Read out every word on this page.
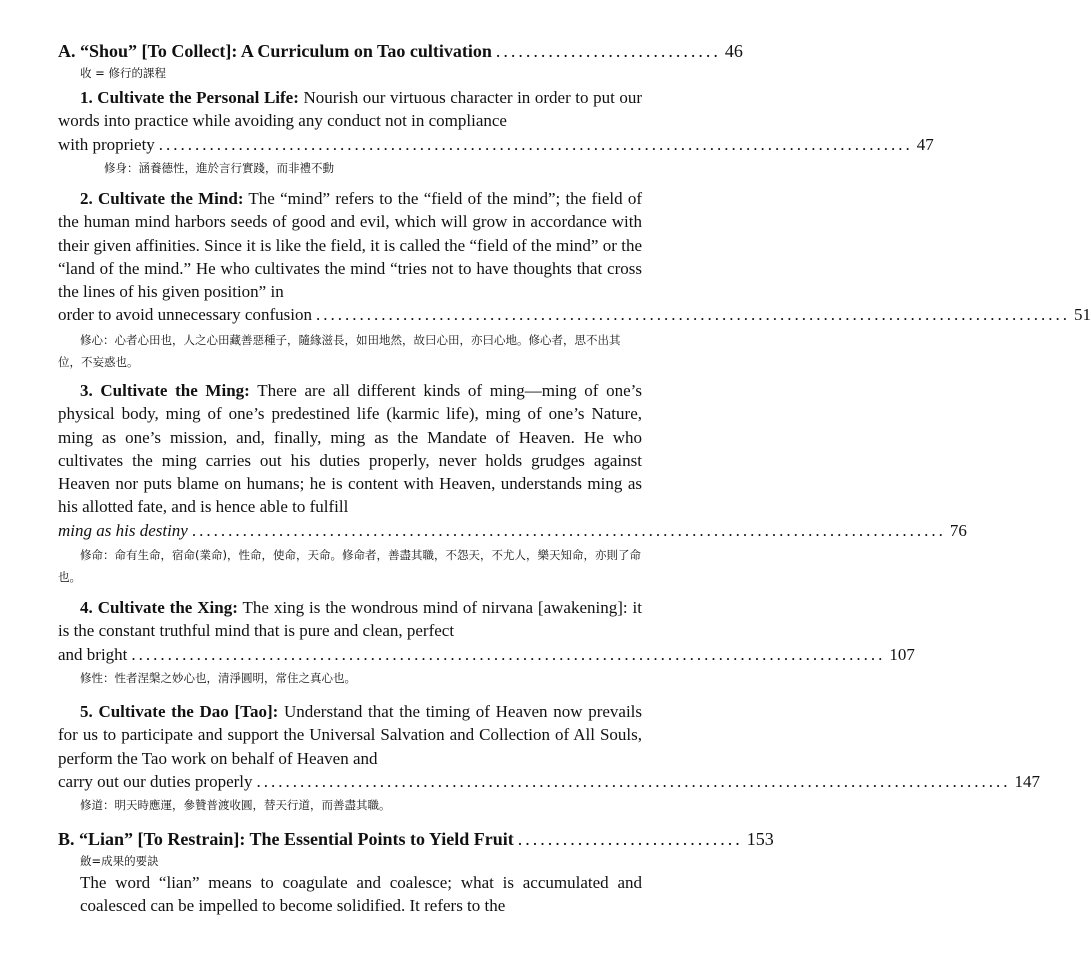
A. “Shou” [To Collect]: A Curriculum on Tao cultivation .............................. 46
收 = 修行的課程
1. Cultivate the Personal Life: Nourish our virtuous character in order to put our words into practice while avoiding any conduct not in compliance
with propriety ........................................................................................................ 47
修身：涵養德性，進於言行實踐，而非禮不動
2. Cultivate the Mind: The “mind” refers to the “field of the mind”; the field of the human mind harbors seeds of good and evil, which will grow in accordance with their given affinities. Since it is like the field, it is called the “field of the mind” or the “land of the mind.” He who cultivates the mind “tries not to have thoughts that cross the lines of his given position” in
order to avoid unnecessary confusion ........................................................................................................ 51
修心：心者心田也，人之心田藏善惡種子，隨緣滋長，如田地然，故曰心田，亦曰心地。修心者，思不出其位，不妄惑也。
3. Cultivate the Ming: There are all different kinds of ming—ming of one’s physical body, ming of one’s predestined life (karmic life), ming of one’s Nature, ming as one’s mission, and, finally, ming as the Mandate of Heaven. He who cultivates the ming carries out his duties properly, never holds grudges against Heaven nor puts blame on humans; he is content with Heaven, understands ming as his allotted fate, and is hence able to fulfill
ming as his destiny ........................................................................................................ 76
修命：命有生命，宿命(業命)，性命，使命，天命。修命者，善盡其職，不怨天，不尤人，樂天知命，亦則了命也。
4. Cultivate the Xing: The xing is the wondrous mind of nirvana [awakening]: it is the constant truthful mind that is pure and clean, perfect
and bright ........................................................................................................ 107
修性：性者涅槃之妙心也，清淨圓明，常住之真心也。
5. Cultivate the Dao [Tao]: Understand that the timing of Heaven now prevails for us to participate and support the Universal Salvation and Collection of All Souls, perform the Tao work on behalf of Heaven and
carry out our duties properly ........................................................................................................ 147
修道：明天時應運，參贊普渡收圓，替天行道，而善盡其職。
B. “Lian” [To Restrain]: The Essential Points to Yield Fruit .............................. 153
斂=成果的要訣
The word “lian” means to coagulate and coalesce; what is accumulated and coalesced can be impelled to become solidified. It refers to the
